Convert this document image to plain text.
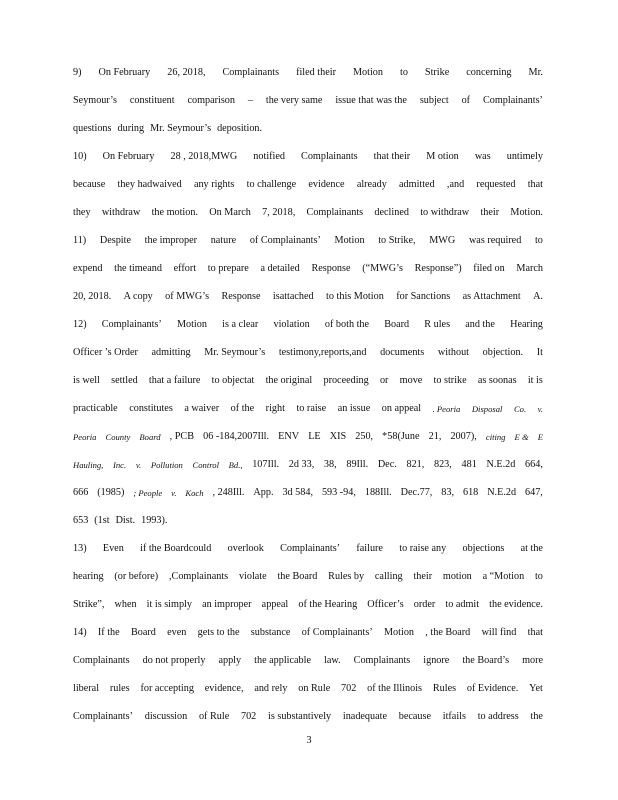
9) On February 26, 2018, Complainants filed their Motion to Strike concerning Mr.
Seymour’s constituent comparison – the very same issue that was the subject of Complainants’
questions during Mr. Seymour’s deposition.
10) On February 28 , 2018,MWG notified Complainants that their M otion was untimely
because they hadwaived any rights to challenge evidence already admitted ,and requested that
they withdraw the motion. On March 7, 2018, Complainants declined to withdraw their Motion.
11) Despite the improper nature of Complainants’ Motion to Strike, MWG was required to
expend the timeand effort to prepare a detailed Response (“MWG’s Response”) filed on March
20, 2018. A copy of MWG’s Response isattached to this Motion for Sanctions as Attachment A.
12) Complainants’ Motion is a clear violation of both the Board R ules and the Hearing
Officer ’s Order admitting Mr. Seymour’s testimony,reports,and documents without objection. It
is well settled that a failure to objectat the original proceeding or move to strike as soonas it is
practicable constitutes a waiver of the right to raise an issue on appeal . Peoria Disposal Co. v.
Peoria County Board , PCB 06 -184,2007Ill. ENV LE XIS 250, *58(June 21, 2007), citing E & E
Hauling, Inc. v. Pollution Control Bd., 107Ill. 2d 33, 38, 89Ill. Dec. 821, 823, 481 N.E.2d 664,
666 (1985) ; People v. Koch , 248Ill. App. 3d 584, 593 -94, 188Ill. Dec.77, 83, 618 N.E.2d 647,
653 (1st Dist. 1993).
13) Even if the Boardcould overlook Complainants’ failure to raise any objections at the
hearing (or before) ,Complainants violate the Board Rules by calling their motion a “Motion to
Strike”, when it is simply an improper appeal of the Hearing Officer’s order to admit the evidence.
14) If the Board even gets to the substance of Complainants’ Motion , the Board will find that
Complainants do not properly apply the applicable law. Complainants ignore the Board’s more
liberal rules for accepting evidence, and rely on Rule 702 of the Illinois Rules of Evidence. Yet
Complainants’ discussion of Rule 702 is substantively inadequate because itfails to address the
3
